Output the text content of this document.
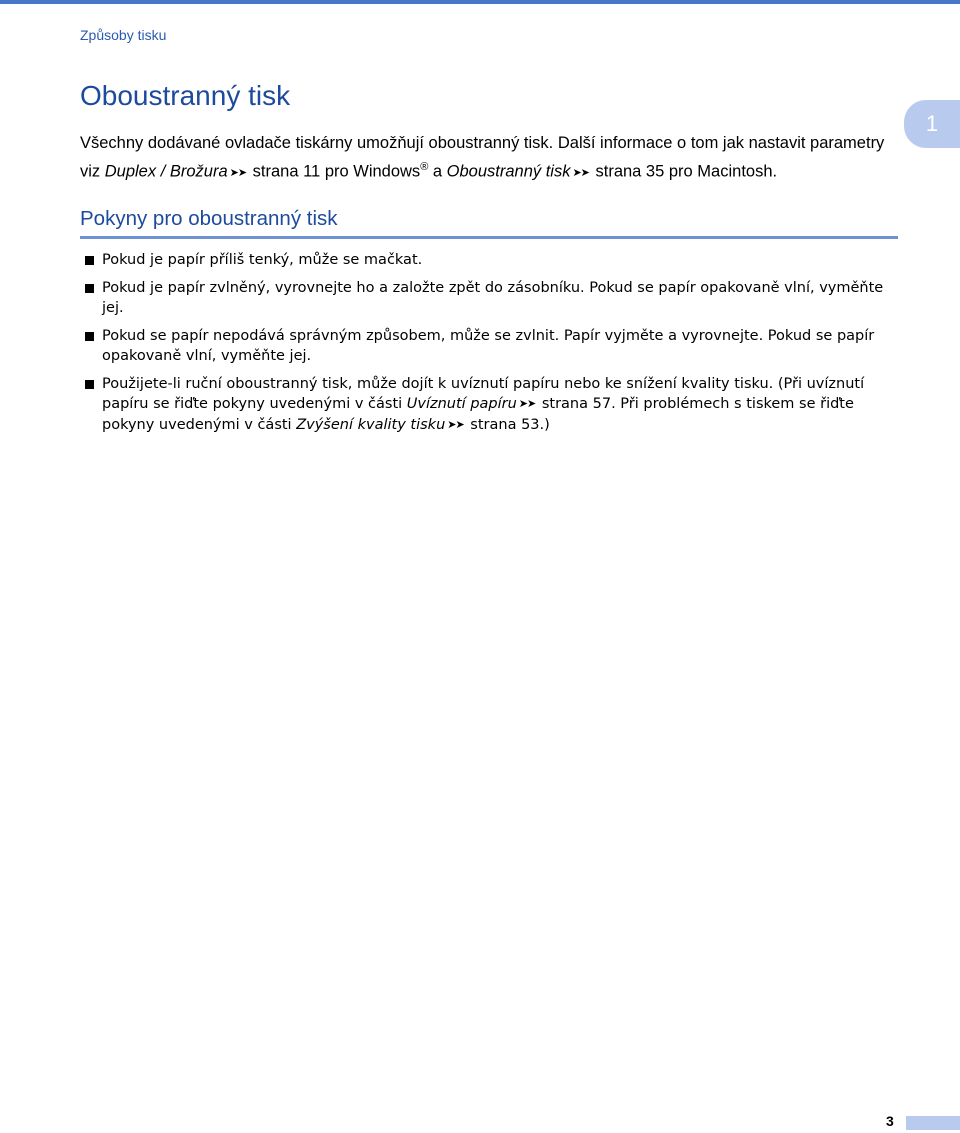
Způsoby tisku
Oboustranný tisk
1

Všechny dodávané ovladače tiskárny umožňují oboustranný tisk. Další informace o tom jak nastavit parametry viz Duplex / Brožura ➤➤ strana 11 pro Windows® a Oboustranný tisk ➤➤ strana 35 pro Macintosh.

Pokyny pro oboustranný tisk
Pokud je papír příliš tenký, může se mačkat.
Pokud je papír zvlněný, vyrovnejte ho a založte zpět do zásobníku. Pokud se papír opakovaně vlní, vyměňte jej.
Pokud se papír nepodává správným způsobem, může se zvlnit. Papír vyjměte a vyrovnejte. Pokud se papír opakovaně vlní, vyměňte jej.
Použijete-li ruční oboustranný tisk, může dojít k uvíznutí papíru nebo ke snížení kvality tisku. (Při uvíznutí papíru se řiďte pokyny uvedenými v části Uvíznutí papíru ➤➤ strana 57. Při problémech s tiskem se řiďte pokyny uvedenými v části Zvýšení kvality tisku ➤➤ strana 53.)
3
